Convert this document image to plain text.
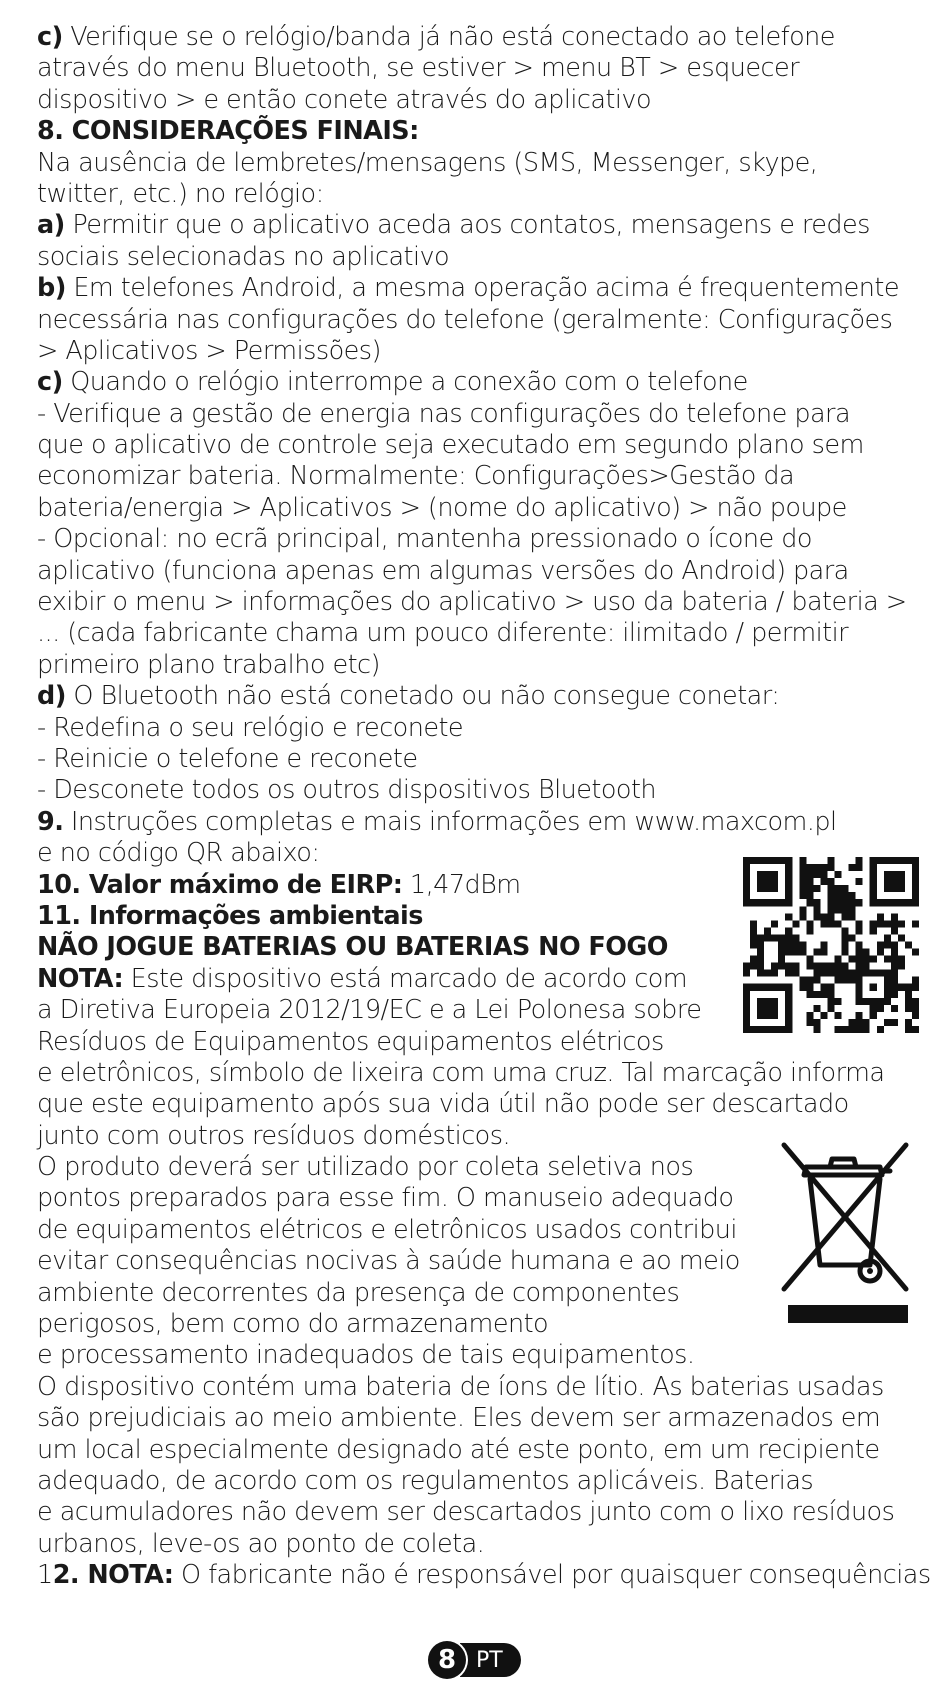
c) Verifique se o relógio/banda já não está conectado ao telefone
através do menu Bluetooth, se estiver > menu BT > esquecer
dispositivo > e então conete através do aplicativo
8. CONSIDERAÇÕES FINAIS:
Na ausência de lembretes/mensagens (SMS, Messenger, skype,
twitter, etc.) no relógio:
a) Permitir que o aplicativo aceda aos contatos, mensagens e redes
sociais selecionadas no aplicativo
b) Em telefones Android, a mesma operação acima é frequentemente
necessária nas configurações do telefone (geralmente: Configurações
> Aplicativos > Permissões)
c) Quando o relógio interrompe a conexão com o telefone
- Verifique a gestão de energia nas configurações do telefone para
que o aplicativo de controle seja executado em segundo plano sem
economizar bateria. Normalmente: Configurações>Gestão da
bateria/energia > Aplicativos > (nome do aplicativo) > não poupe
- Opcional: no ecrã principal, mantenha pressionado o ícone do
aplicativo (funciona apenas em algumas versões do Android) para
exibir o menu > informações do aplicativo > uso da bateria / bateria >
... (cada fabricante chama um pouco diferente: ilimitado / permitir
primeiro plano trabalho etc)
d) O Bluetooth não está conetado ou não consegue conetar:
- Redefina o seu relógio e reconete
- Reinicie o telefone e reconete
- Desconete todos os outros dispositivos Bluetooth
9. Instruções completas e mais informações em www.maxcom.pl
e no código QR abaixo:
10. Valor máximo de EIRP: 1,47dBm
11. Informações ambientais
NÃO JOGUE BATERIAS OU BATERIAS NO FOGO
NOTA: Este dispositivo está marcado de acordo com
a Diretiva Europeia 2012/19/EC e a Lei Polonesa sobre
Resíduos de Equipamentos equipamentos elétricos
e eletrônicos, símbolo de lixeira com uma cruz. Tal marcação informa
que este equipamento após sua vida útil não pode ser descartado
junto com outros resíduos domésticos.
O produto deverá ser utilizado por coleta seletiva nos
pontos preparados para esse fim. O manuseio adequado
de equipamentos elétricos e eletrônicos usados contribui
evitar consequências nocivas à saúde humana e ao meio
ambiente decorrentes da presença de componentes
perigosos, bem como do armazenamento
e processamento inadequados de tais equipamentos.
O dispositivo contém uma bateria de íons de lítio. As baterias usadas
são prejudiciais ao meio ambiente. Eles devem ser armazenados em
um local especialmente designado até este ponto, em um recipiente
adequado, de acordo com os regulamentos aplicáveis. Baterias
e acumuladores não devem ser descartados junto com o lixo resíduos
urbanos, leve-os ao ponto de coleta.
12. NOTA: O fabricante não é responsável por quaisquer consequências
8 PT
